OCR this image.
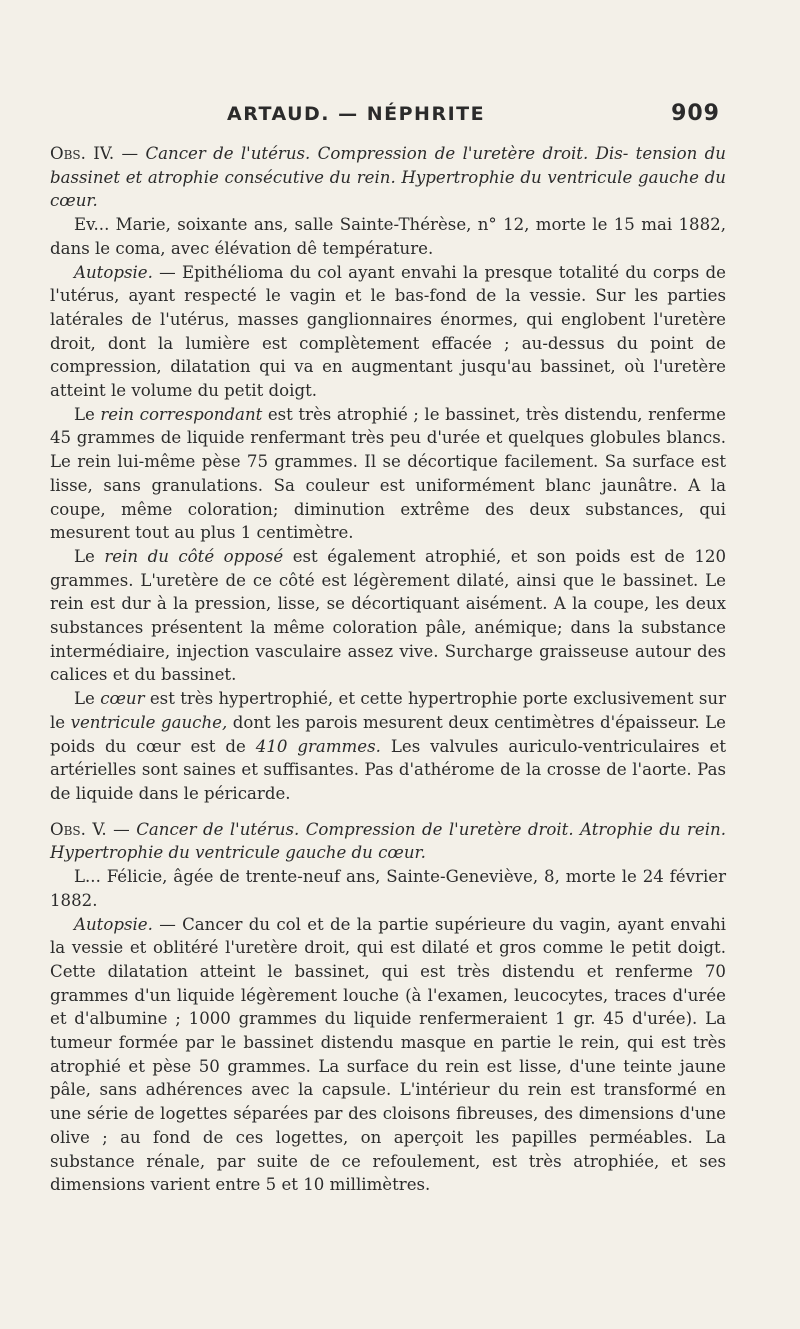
ARTAUD. — NÉPHRITE	909

Obs. IV. — Cancer de l'utérus. Compression de l'uretère droit. Dis- tension du bassinet et atrophie consécutive du rein. Hypertrophie du ventricule gauche du cœur.

Ev... Marie, soixante ans, salle Sainte-Thérèse, n° 12, morte le 15 mai 1882, dans le coma, avec élévation dê température.

Autopsie. — Epithélioma du col ayant envahi la presque totalité du corps de l'utérus, ayant respecté le vagin et le bas-fond de la vessie. Sur les parties latérales de l'utérus, masses ganglionnaires énormes, qui englobent l'uretère droit, dont la lumière est complètement effacée ; au-dessus du point de compression, dilatation qui va en augmentant jusqu'au bassinet, où l'uretère atteint le volume du petit doigt.

Le rein correspondant est très atrophié ; le bassinet, très distendu, renferme 45 grammes de liquide renfermant très peu d'urée et quelques globules blancs. Le rein lui-même pèse 75 grammes. Il se décortique facilement. Sa surface est lisse, sans granulations. Sa couleur est uniformément blanc jaunâtre. A la coupe, même coloration; diminution extrême des deux substances, qui mesurent tout au plus 1 centimètre.

Le rein du côté opposé est également atrophié, et son poids est de 120 grammes. L'uretère de ce côté est légèrement dilaté, ainsi que le bassinet. Le rein est dur à la pression, lisse, se décortiquant aisément. A la coupe, les deux substances présentent la même coloration pâle, anémique; dans la substance intermédiaire, injection vasculaire assez vive. Surcharge graisseuse autour des calices et du bassinet.

Le cœur est très hypertrophié, et cette hypertrophie porte exclusivement sur le ventricule gauche, dont les parois mesurent deux centimètres d'épaisseur. Le poids du cœur est de 410 grammes. Les valvules auriculo-ventriculaires et artérielles sont saines et suffisantes. Pas d'athérome de la crosse de l'aorte. Pas de liquide dans le péricarde.

Obs. V. — Cancer de l'utérus. Compression de l'uretère droit. Atrophie du rein. Hypertrophie du ventricule gauche du cœur.

L... Félicie, âgée de trente-neuf ans, Sainte-Geneviève, 8, morte le 24 février 1882.

Autopsie. — Cancer du col et de la partie supérieure du vagin, ayant envahi la vessie et oblitéré l'uretère droit, qui est dilaté et gros comme le petit doigt. Cette dilatation atteint le bassinet, qui est très distendu et renferme 70 grammes d'un liquide légèrement louche (à l'examen, leucocytes, traces d'urée et d'albumine ; 1000 grammes du liquide renfermeraient 1 gr. 45 d'urée). La tumeur formée par le bassinet distendu masque en partie le rein, qui est très atrophié et pèse 50 grammes. La surface du rein est lisse, d'une teinte jaune pâle, sans adhérences avec la capsule. L'intérieur du rein est transformé en une série de logettes séparées par des cloisons fibreuses, des dimensions d'une olive ; au fond de ces logettes, on aperçoit les papilles perméables. La substance rénale, par suite de ce refoulement, est très atrophiée, et ses dimensions varient entre 5 et 10 millimètres.
